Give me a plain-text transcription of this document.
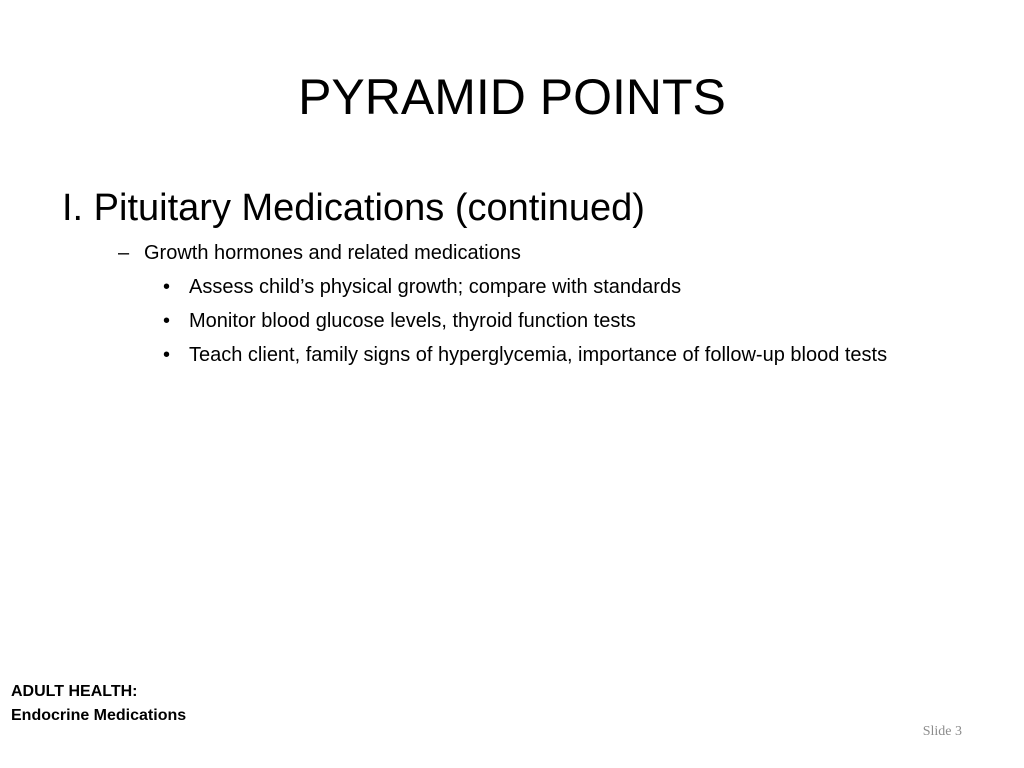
PYRAMID POINTS
I. Pituitary Medications (continued)
– Growth hormones and related medications
• Assess child’s physical growth; compare with standards
• Monitor blood glucose levels, thyroid function tests
• Teach client, family signs of hyperglycemia, importance of follow-up blood tests
ADULT HEALTH:
Endocrine Medications
Slide 3
